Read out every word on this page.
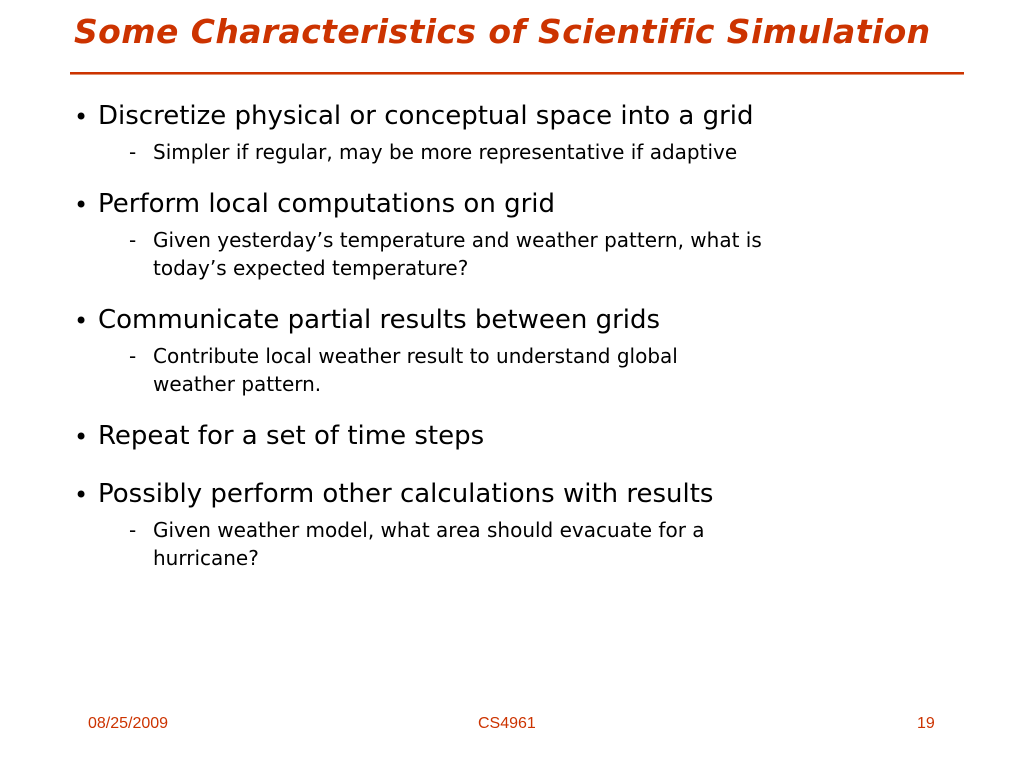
Some Characteristics of Scientific Simulation
• Discretize physical or conceptual space into a grid
- Simpler if regular, may be more representative if adaptive
• Perform local computations on grid
- Given yesterday’s temperature and weather pattern, what is
today’s expected temperature?
• Communicate partial results between grids
- Contribute local weather result to understand global
weather pattern.
• Repeat for a set of time steps
• Possibly perform other calculations with results
- Given weather model, what area should evacuate for a
hurricane?
08/25/2009	CS4961	19
